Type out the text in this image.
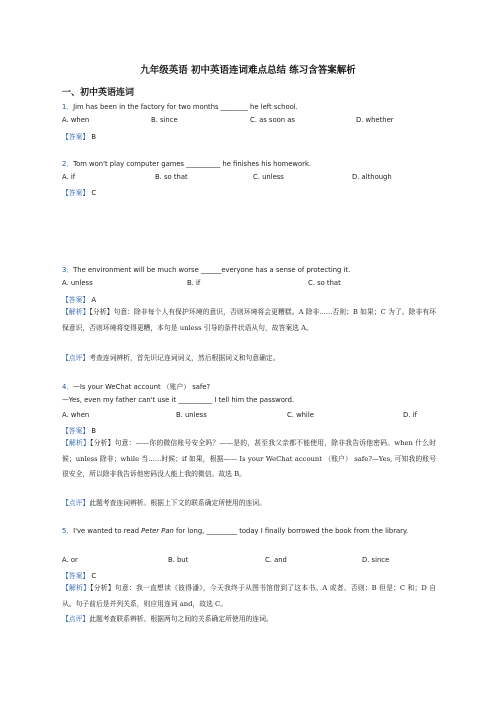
九年级英语 初中英语连词难点总结 练习含答案解析
一、初中英语连词
1．Jim has been in the factory for two months ________ he left school.
A. when	B. since	C. as soon as	D. whether
【答案】 B
2．Tom won't play computer games __________ he finishes his homework.
A. if	B. so that	C. unless	D. although
【答案】 C
3．The environment will be much worse ______everyone has a sense of protecting it.
A. unless	B. if	C. so that
【答案】 A
【解析】【分析】句意：除非每个人有保护环境的意识，否则环境将会更糟糕。A 除非......否则；B 如果；C 为了。除非有环保意识，否则环境将变得更糟，本句是 unless 引导的条件状语从句，故答案选 A。
【点评】考查连词辨析，首先识记连词词义，然后根据词义和句意确定。
4．—Is your WeChat account （账户） safe?
—Yes, even my father can't use it __________ I tell him the password.
A. when	B. unless	C. while	D. if
【答案】 B
【解析】【分析】句意：——你的微信账号安全吗？——是的，甚至我父亲都不能使用，除非我告诉他密码。when 什么时候；unless 除非；while 当......时候；if 如果，根据—— Is your WeChat account （账户） safe?—Yes, 可知我的账号很安全，所以除非我告诉他密码没人能上我的微信。故选 B。
【点评】此题考查连词辨析。根据上下文的联系确定所使用的连词。
5．I've wanted to read Peter Pan for long, _________ today I finally borrowed the book from the library.
A. or	B. but	C. and	D. since
【答案】 C
【解析】【分析】句意：我一直想读《彼得潘》，今天我终于从图书馆借到了这本书。A 或者、否则；B 但是；C 和；D 自从。句子前后是并列关系，则应用连词 and，故选 C。
【点评】此题考查联系辨析。根据两句之间的关系确定所使用的连词。
